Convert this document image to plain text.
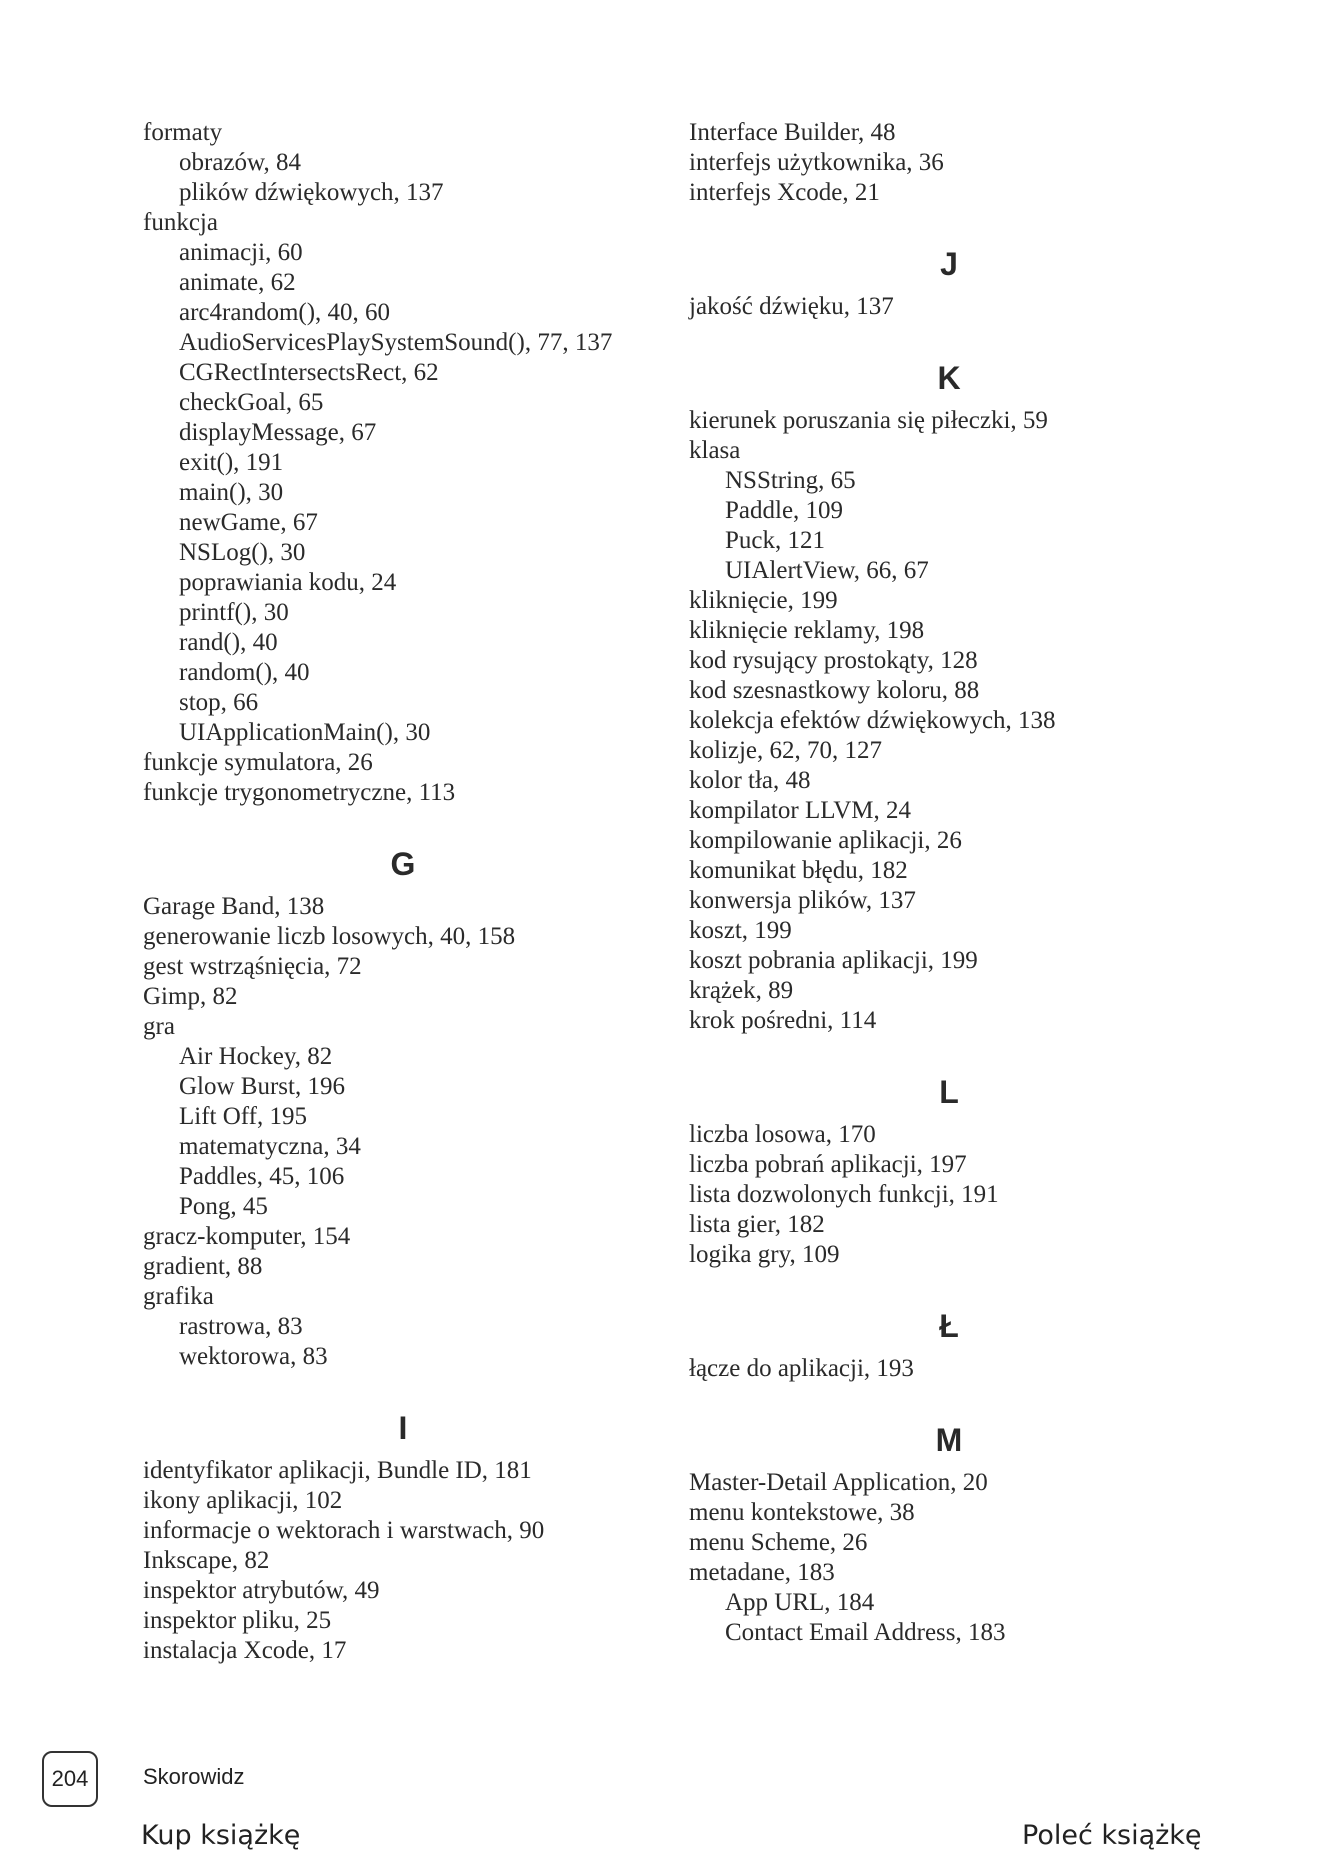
formaty
obrazów, 84
plików dźwiękowych, 137
funkcja
animacji, 60
animate, 62
arc4random(), 40, 60
AudioServicesPlaySystemSound(), 77, 137
CGRectIntersectsRect, 62
checkGoal, 65
displayMessage, 67
exit(), 191
main(), 30
newGame, 67
NSLog(), 30
poprawiania kodu, 24
printf(), 30
rand(), 40
random(), 40
stop, 66
UIApplicationMain(), 30
funkcje symulatora, 26
funkcje trygonometryczne, 113
G
Garage Band, 138
generowanie liczb losowych, 40, 158
gest wstrząśnięcia, 72
Gimp, 82
gra
Air Hockey, 82
Glow Burst, 196
Lift Off, 195
matematyczna, 34
Paddles, 45, 106
Pong, 45
gracz-komputer, 154
gradient, 88
grafika
rastrowa, 83
wektorowa, 83
I
identyfikator aplikacji, Bundle ID, 181
ikony aplikacji, 102
informacje o wektorach i warstwach, 90
Inkscape, 82
inspektor atrybutów, 49
inspektor pliku, 25
instalacja Xcode, 17
Interface Builder, 48
interfejs użytkownika, 36
interfejs Xcode, 21
J
jakość dźwięku, 137
K
kierunek poruszania się piłeczki, 59
klasa
NSString, 65
Paddle, 109
Puck, 121
UIAlertView, 66, 67
kliknięcie, 199
kliknięcie reklamy, 198
kod rysujący prostokąty, 128
kod szesnastkowy koloru, 88
kolekcja efektów dźwiękowych, 138
kolizje, 62, 70, 127
kolor tła, 48
kompilator LLVM, 24
kompilowanie aplikacji, 26
komunikat błędu, 182
konwersja plików, 137
koszt, 199
koszt pobrania aplikacji, 199
krążek, 89
krok pośredni, 114
L
liczba losowa, 170
liczba pobrań aplikacji, 197
lista dozwolonych funkcji, 191
lista gier, 182
logika gry, 109
Ł
łącze do aplikacji, 193
M
Master-Detail Application, 20
menu kontekstowe, 38
menu Scheme, 26
metadane, 183
App URL, 184
Contact Email Address, 183
204	Skorowidz
Kup książkę	Poleć książkę
